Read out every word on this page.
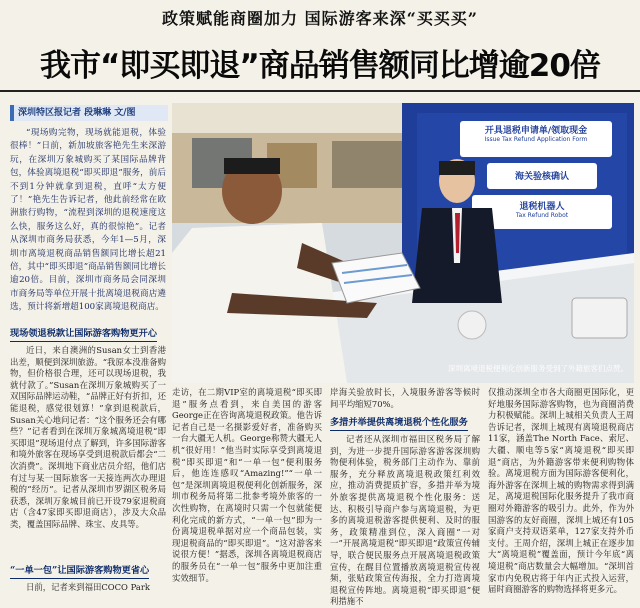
政策赋能商圈加力 国际游客来深“买买买”
我市“即买即退”商品销售额同比增逾20倍
深圳特区报记者 段琳琳 文/图
“現场购完物，现场就能退税，体验很棒！”日前，新加坡旅客艳先生来深游玩，在深圳万象城购买了某国际品牌背包，体验离境退税“即买即退”服务，前后不到1分钟就拿到退税，直呼“太方便了！”艳先生告诉记者，他此前经常在欧洲旅行购物，“流程到深圳的退税速度这么快，服务这么好，真的很惊艳”。记者从深圳市商务局获悉，今年1—5月，深圳市离境退税商品销售额同比增长超21倍，其中“即买即退”商品销售额同比增长逾20倍。目前，深圳市商务局会同深圳市商务局等单位开展十批离境退税商店遴选，预计将新增超100家离境退税商店。
开具退税申请单/领取现金
Issue Tax Refund Application Form
海关验核确认
退税机器人
Tax Refund Robot
深圳离境退税便利化创新服务受到了外籍旅客们点赞。
现场领退税款让国际游客购物更开心
近日，来自澳洲的Susan女士到香港出差，顺便到深圳旅游。“我原本没准备购物，但价格很合理，还可以现场退税，我就付款了。”Susan在深圳万象城购买了一双国际品牌运动鞋，“品牌正好有折扣，还能退税，感觉很划算！”拿到退税款后，Susan关心地问记者：“这个服务还会有哪些？”记者看到在深圳万象城离境退税“即买即退”现场退付点了解到，许多国际游客和境外旅客在现场享受到退税款后都会“二次消费”。深圳地下商业店员介绍，他们店有过与某一国际旅客一天接连两次办理退税的“经历”。记者从深圳市罗湖区税务局获悉，深圳万象城目前已开设79家退税商店（含47家即买即退商店），涉及大众品类，覆盖国际品牌、珠宝、皮具等。
“一单一包”让国际游客购物更省心
日前，记者来到福田COCO Park
走访，在二期VIP室的离境退税“即买即退”服务点看到，来自美国的游客George正在咨询离境退税政策。他告诉记者自己是一名摄影爱好者，准备购买一台大疆无人机。George称赞大疆无人机“很好用！”他当时实际享受到离境退税“即买即退”和“一单一包”便利服务后，他连连感叹“Amazing!”“一单一包”是深圳离境退税便利化创新服务，深圳市税务局将第二批参考境外旅客的一次性购物，在离境时只需一个包就能便利化完成的新方式，“一单一包”即为一份离境退税单据对应一个商品包装，实现退税商品的“即买即退”。“这对游客来说很方便！”据悉，深圳各离境退税商店的服务员在“一单一包”服务中更加注重实效细节。
岸海关验放时长，入境服务游客等候时间平均缩短70%。
多措并举提供离境退税个性化服务
记者还从深圳市福田区税务局了解到，为进一步提升国际游客游客深圳购物便利体验，税务部门主动作为、靠前服务，充分释放离境退税政策红利效应，推动消费提质扩容，多措并举为境外旅客提供离境退税个性化服务：送达、积极引导商户参与离境退税，为更多的离境退税游客提供便利、及时的服务，政策精准到位，深入商圈“一对一”开展离境退税“即买即退”政策宣传辅导，联合便民服务点开展离境退税政策宣传，在醒目位置播放离境退税宣传视频，张贴政策宣传海报，全力打造离境退税宣传阵地。离境退税“即买即退”便利措施不
仅推动深圳全市各大商圈更国际化，更好地服务国际游客购物，也为商圈消费力积极赋能。深圳上城相关负责人王周告诉记者，深圳上城现有离境退税商店11家，涵盖The North Face、索尼、大疆、顺电等5家“离境退税“即买即退”商店，为外籍游客带来便利购物体验。离境退税方面为国际游客便利化，海外游客在深圳上城的购物需求得到满足，离境退税国际化服务提升了我市商圈对外籍游客的吸引力。此外，作为外国游客的友好商圈，深圳上城还有105家商户支持双语菜单，127家支持外币支付。王周介绍，深圳上城正在逐步加大“离境退税”覆盖面，预计今年底“离境退税”商店数量会大幅增加。“深圳首家市内免税店将于年内正式投入运营，届时商圈游客的购物选择将更多元。
